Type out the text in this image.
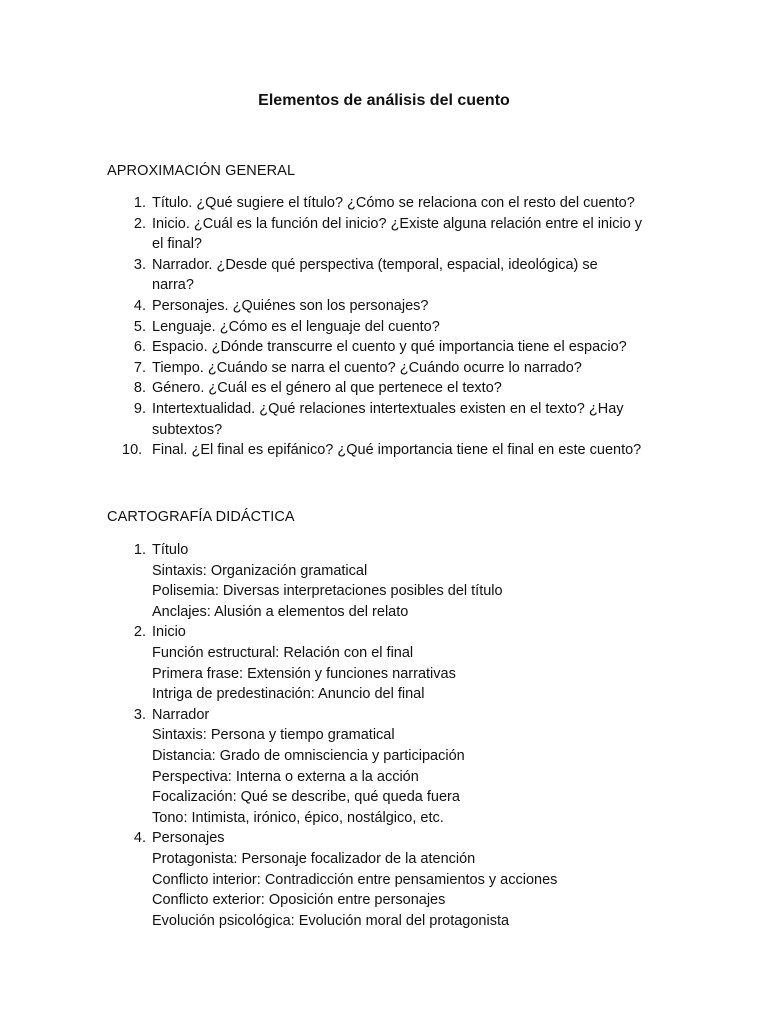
Elementos de análisis del cuento
APROXIMACIÓN GENERAL
1. Título. ¿Qué sugiere el título? ¿Cómo se relaciona con el resto del cuento?
2. Inicio. ¿Cuál es la función del inicio? ¿Existe alguna relación entre el inicio y
el final?
3. Narrador. ¿Desde qué perspectiva (temporal, espacial, ideológica) se
narra?
4. Personajes. ¿Quiénes son los personajes?
5. Lenguaje. ¿Cómo es el lenguaje del cuento?
6. Espacio. ¿Dónde transcurre el cuento y qué importancia tiene el espacio?
7. Tiempo. ¿Cuándo se narra el cuento? ¿Cuándo ocurre lo narrado?
8. Género. ¿Cuál es el género al que pertenece el texto?
9. Intertextualidad. ¿Qué relaciones intertextuales existen en el texto? ¿Hay
subtextos?
10. Final. ¿El final es epifánico? ¿Qué importancia tiene el final en este cuento?
CARTOGRAFÍA DIDÁCTICA
1. Título
Sintaxis: Organización gramatical
Polisemia: Diversas interpretaciones posibles del título
Anclajes: Alusión a elementos del relato
2. Inicio
Función estructural: Relación con el final
Primera frase: Extensión y funciones narrativas
Intriga de predestinación: Anuncio del final
3. Narrador
Sintaxis: Persona y tiempo gramatical
Distancia: Grado de omnisciencia y participación
Perspectiva: Interna o externa a la acción
Focalización: Qué se describe, qué queda fuera
Tono: Intimista, irónico, épico, nostálgico, etc.
4. Personajes
Protagonista: Personaje focalizador de la atención
Conflicto interior: Contradicción entre pensamientos y acciones
Conflicto exterior: Oposición entre personajes
Evolución psicológica: Evolución moral del protagonista
